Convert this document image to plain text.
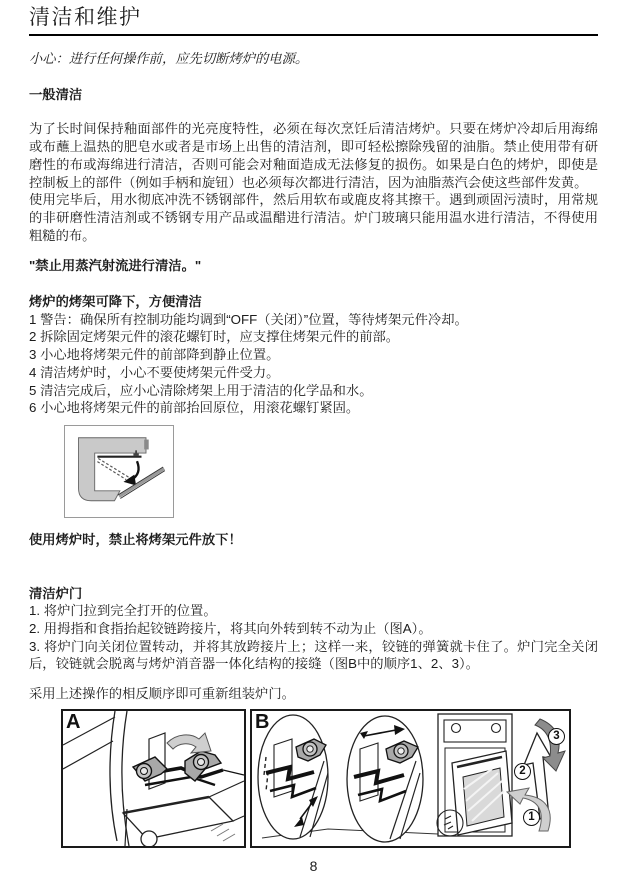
清洁和维护

小心：进行任何操作前，应先切断烤炉的电源。

一般清洁

为了长时间保持釉面部件的光亮度特性，必须在每次烹饪后清洁烤炉。只要在烤炉冷却后用海绵或布蘸上温热的肥皂水或者是市场上出售的清洁剂，即可轻松擦除残留的油脂。禁止使用带有研磨性的布或海绵进行清洁，否则可能会对釉面造成无法修复的损伤。如果是白色的烤炉，即使是控制板上的部件（例如手柄和旋钮）也必须每次都进行清洁，因为油脂蒸汽会使这些部件发黄。

使用完毕后，用水彻底冲洗不锈钢部件，然后用软布或鹿皮将其擦干。遇到顽固污渍时，用常规的非研磨性清洁剂或不锈钢专用产品或温醋进行清洁。炉门玻璃只能用温水进行清洁，不得使用粗糙的布。

"禁止用蒸汽射流进行清洁。"

烤炉的烤架可降下，方便清洁

1 警告：确保所有控制功能均调到“OFF（关闭）”位置，等待烤架元件冷却。

2 拆除固定烤架元件的滚花螺钉时，应支撑住烤架元件的前部。

3 小心地将烤架元件的前部降到静止位置。

4 清洁烤炉时，小心不要使烤架元件受力。

5 清洁完成后，应小心清除烤架上用于清洁的化学品和水。

6 小心地将烤架元件的前部抬回原位，用滚花螺钉紧固。

使用烤炉时，禁止将烤架元件放下！

清洁炉门

1. 将炉门拉到完全打开的位置。

2. 用拇指和食指抬起铰链跨接片，将其向外转到转不动为止（图A）。

3. 将炉门向关闭位置转动，并将其放跨接片上；这样一来，铰链的弹簧就卡住了。炉门完全关闭后，铰链就会脱离与烤炉消音器一体化结构的接缝（图B中的顺序1、2、3）。

采用上述操作的相反顺序即可重新组装炉门。

A	B
1
2
3
8
